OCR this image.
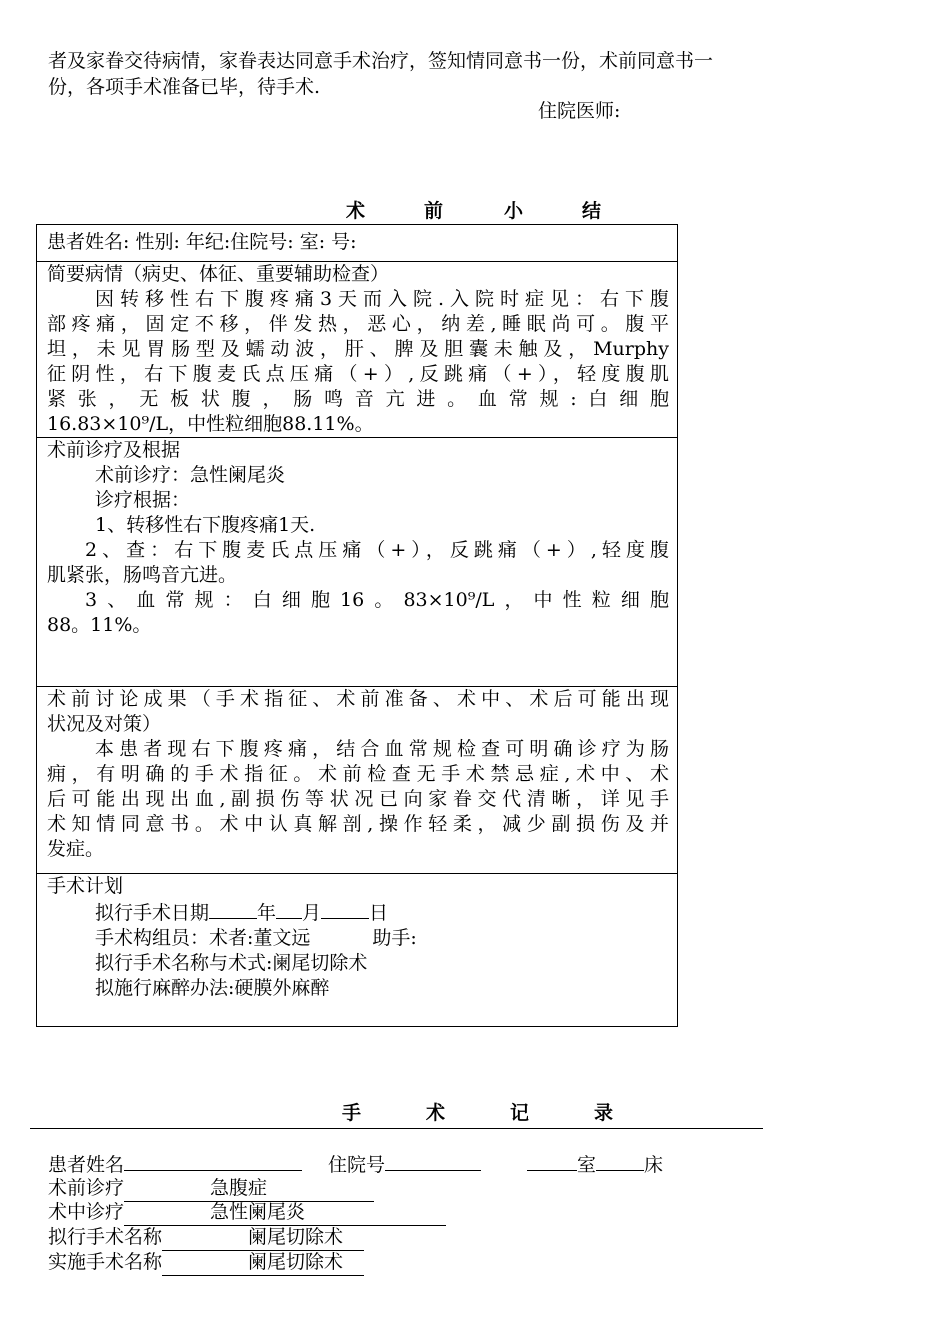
者及家眷交待病情，家眷表达同意手术治疗，签知情同意书一份，术前同意书一
份，各项手术准备已毕，待手术.
住院医师:
术	前	小	结
患者姓名: 性别: 年纪:住院号: 室: 号:
简要病情（病史、体征、重要辅助检查）
因转移性右下腹疼痛3天而入院.入院时症见：右下腹
部疼痛，固定不移，伴发热，恶心，纳差,睡眠尚可。腹平
坦，未见胃肠型及蠕动波，肝、脾及胆囊未触及，Murphy
征阴性，右下腹麦氏点压痛（+）,反跳痛（+），轻度腹肌
紧张，无板状腹，肠鸣音亢进。血常规:白细胞
16.83×10⁹/L，中性粒细胞88.11%。
术前诊疗及根据
术前诊疗：急性阑尾炎
诊疗根据：
1、转移性右下腹疼痛1天.
2、查：右下腹麦氏点压痛（+），反跳痛（+）,轻度腹
肌紧张，肠鸣音亢进。
3、血常规：白细胞16。83×10⁹/L，中性粒细胞
88。11%。
术前讨论成果（手术指征、术前准备、术中、术后可能出现
状况及对策）
本患者现右下腹疼痛，结合血常规检查可明确诊疗为肠
痈，有明确的手术指征。术前检查无手术禁忌症,术中、术
后可能出现出血,副损伤等状况已向家眷交代清晰，详见手
术知情同意书。术中认真解剖,操作轻柔，减少副损伤及并
发症。
手术计划
拟行手术日期	年 月	日
手术构组员：术者:董文远	助手:
拟行手术名称与术式:阑尾切除术
拟施行麻醉办法:硬膜外麻醉
手	术	记	录
患者姓名	住院号	室	床
术前诊疗	急腹症
术中诊疗	急性阑尾炎
拟行手术名称	阑尾切除术
实施手术名称	阑尾切除术
